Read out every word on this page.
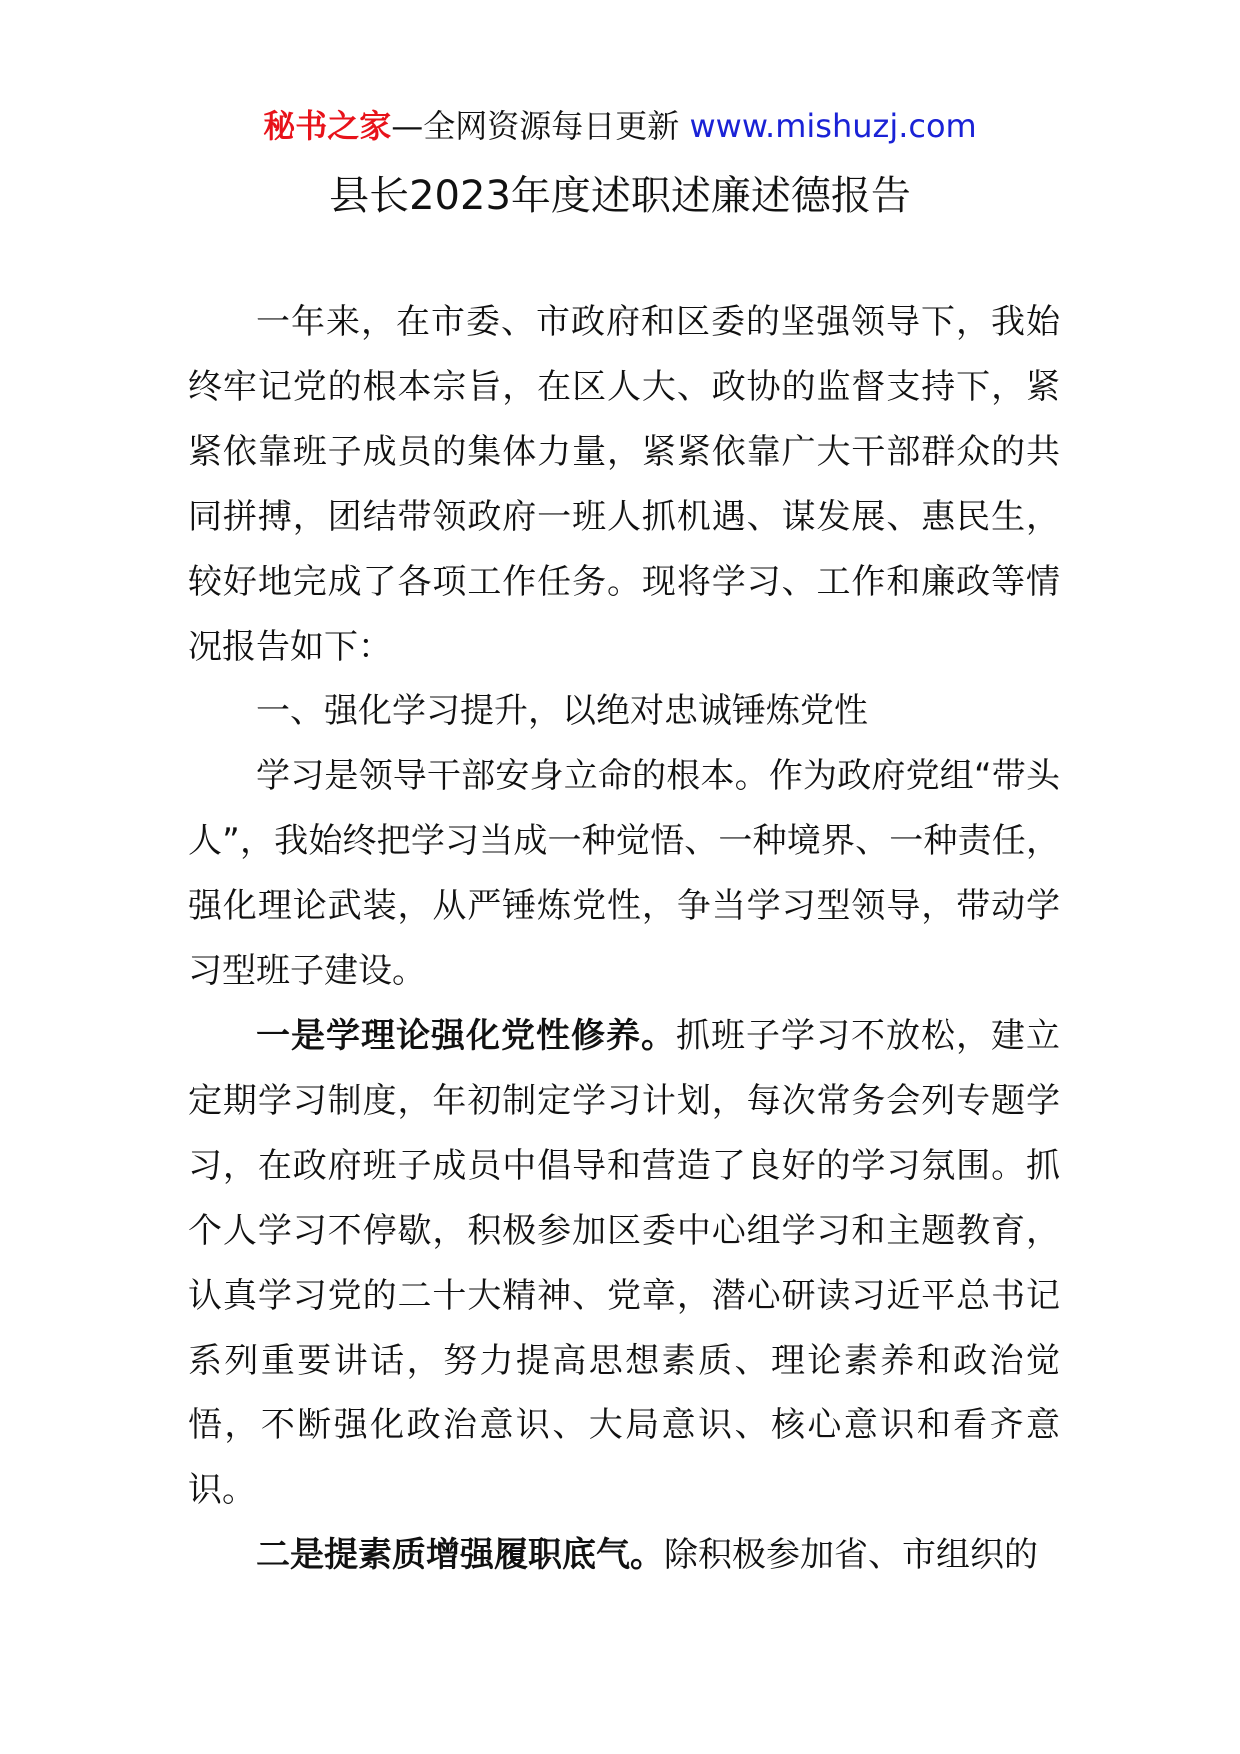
秘书之家—全网资源每日更新 www.mishuzj.com
县长2023年度述职述廉述德报告

一年来，在市委、市政府和区委的坚强领导下，我始终牢记党的根本宗旨，在区人大、政协的监督支持下，紧紧依靠班子成员的集体力量，紧紧依靠广大干部群众的共同拼搏，团结带领政府一班人抓机遇、谋发展、惠民生，较好地完成了各项工作任务。现将学习、工作和廉政等情况报告如下：

一、强化学习提升，以绝对忠诚锤炼党性

学习是领导干部安身立命的根本。作为政府党组“带头人”，我始终把学习当成一种觉悟、一种境界、一种责任，强化理论武装，从严锤炼党性，争当学习型领导，带动学习型班子建设。

一是学理论强化党性修养。抓班子学习不放松，建立定期学习制度，年初制定学习计划，每次常务会列专题学习，在政府班子成员中倡导和营造了良好的学习氛围。抓个人学习不停歇，积极参加区委中心组学习和主题教育，认真学习党的二十大精神、党章，潜心研读习近平总书记系列重要讲话，努力提高思想素质、理论素养和政治觉悟，不断强化政治意识、大局意识、核心意识和看齐意识。

二是提素质增强履职底气。除积极参加省、市组织的
